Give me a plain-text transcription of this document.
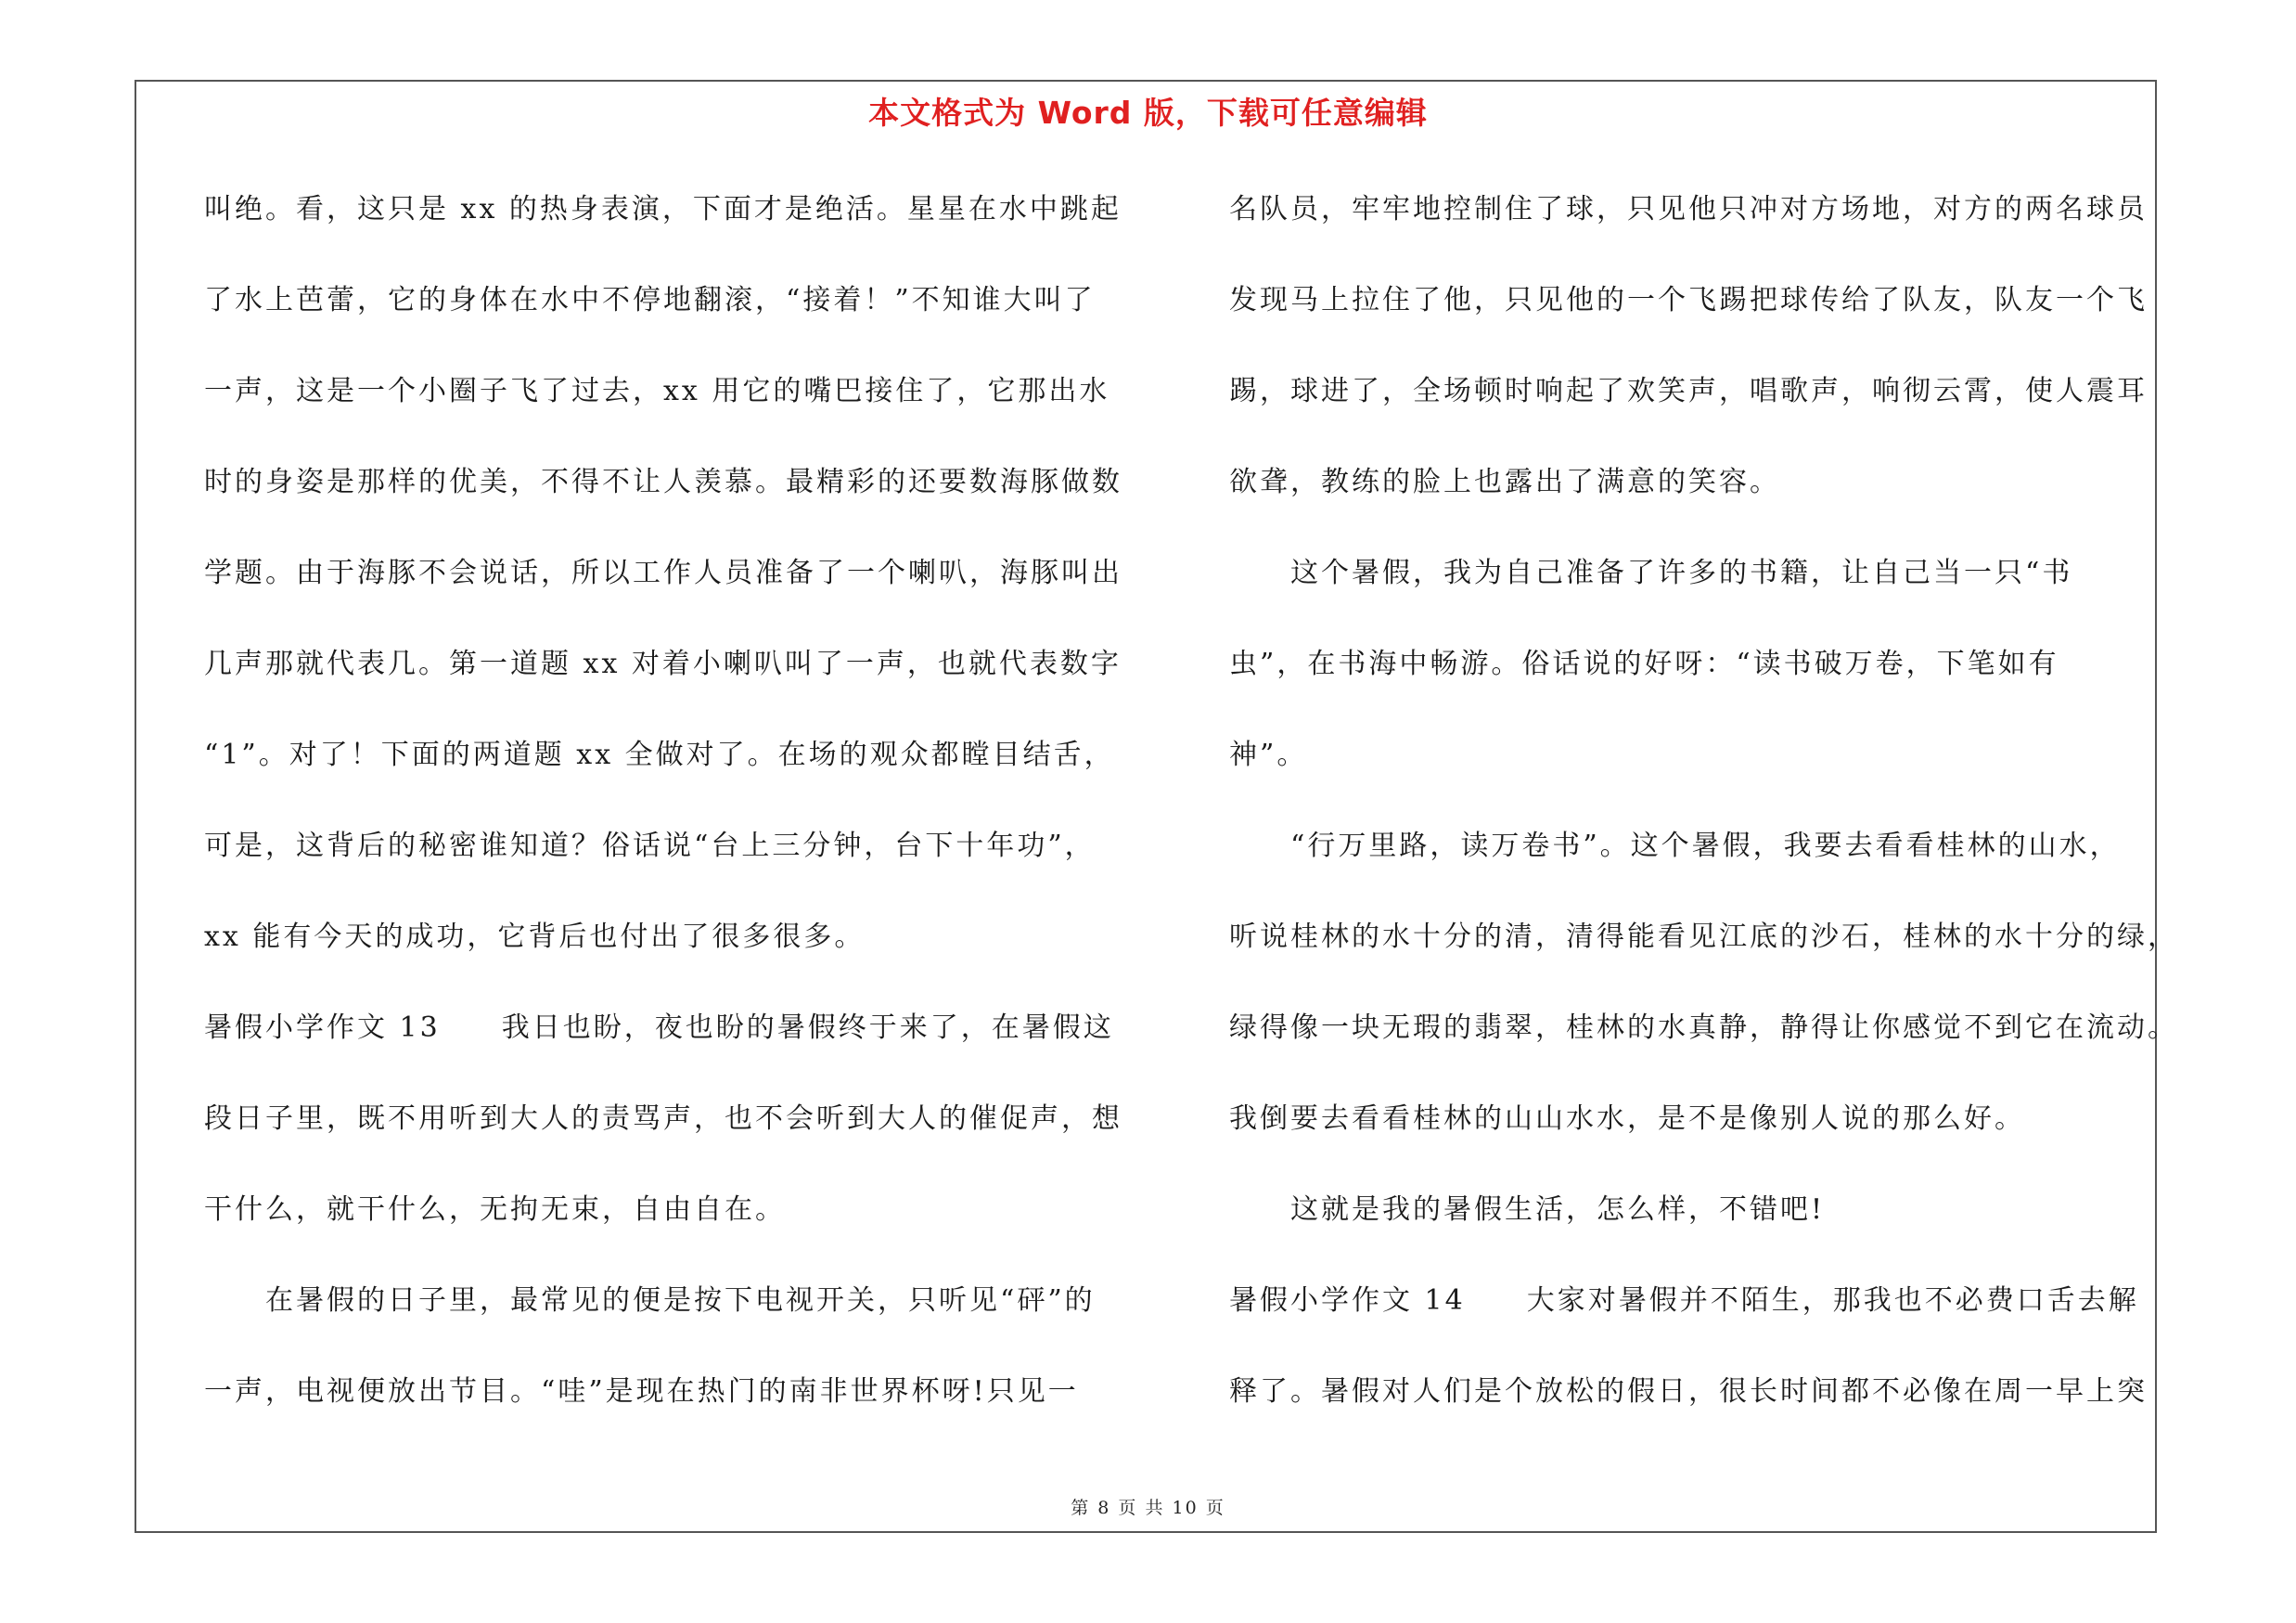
本文格式为 Word 版，下载可任意编辑
叫绝。看，这只是 xx 的热身表演，下面才是绝活。星星在水中跳起
了水上芭蕾，它的身体在水中不停地翻滚，“接着！”不知谁大叫了
一声，这是一个小圈子飞了过去，xx 用它的嘴巴接住了，它那出水
时的身姿是那样的优美，不得不让人羡慕。最精彩的还要数海豚做数
学题。由于海豚不会说话，所以工作人员准备了一个喇叭，海豚叫出
几声那就代表几。第一道题 xx 对着小喇叭叫了一声，也就代表数字
“1”。对了！下面的两道题 xx 全做对了。在场的观众都瞠目结舌，
可是，这背后的秘密谁知道？俗话说“台上三分钟，台下十年功”，
xx 能有今天的成功，它背后也付出了很多很多。
暑假小学作文 13　　我日也盼，夜也盼的暑假终于来了，在暑假这
段日子里，既不用听到大人的责骂声，也不会听到大人的催促声，想
干什么，就干什么，无拘无束，自由自在。
在暑假的日子里，最常见的便是按下电视开关，只听见“砰”的
一声，电视便放出节目。“哇”是现在热门的南非世界杯呀!只见一
名队员，牢牢地控制住了球，只见他只冲对方场地，对方的两名球员
发现马上拉住了他，只见他的一个飞踢把球传给了队友，队友一个飞
踢，球进了，全场顿时响起了欢笑声，唱歌声，响彻云霄，使人震耳
欲聋，教练的脸上也露出了满意的笑容。
这个暑假，我为自己准备了许多的书籍，让自己当一只“书
虫”，在书海中畅游。俗话说的好呀：“读书破万卷，下笔如有
神”。
“行万里路，读万卷书”。这个暑假，我要去看看桂林的山水，
听说桂林的水十分的清，清得能看见江底的沙石，桂林的水十分的绿，
绿得像一块无瑕的翡翠，桂林的水真静，静得让你感觉不到它在流动。
我倒要去看看桂林的山山水水，是不是像别人说的那么好。
这就是我的暑假生活，怎么样，不错吧!
暑假小学作文 14　　大家对暑假并不陌生，那我也不必费口舌去解
释了。暑假对人们是个放松的假日，很长时间都不必像在周一早上突
第 8 页 共 10 页
